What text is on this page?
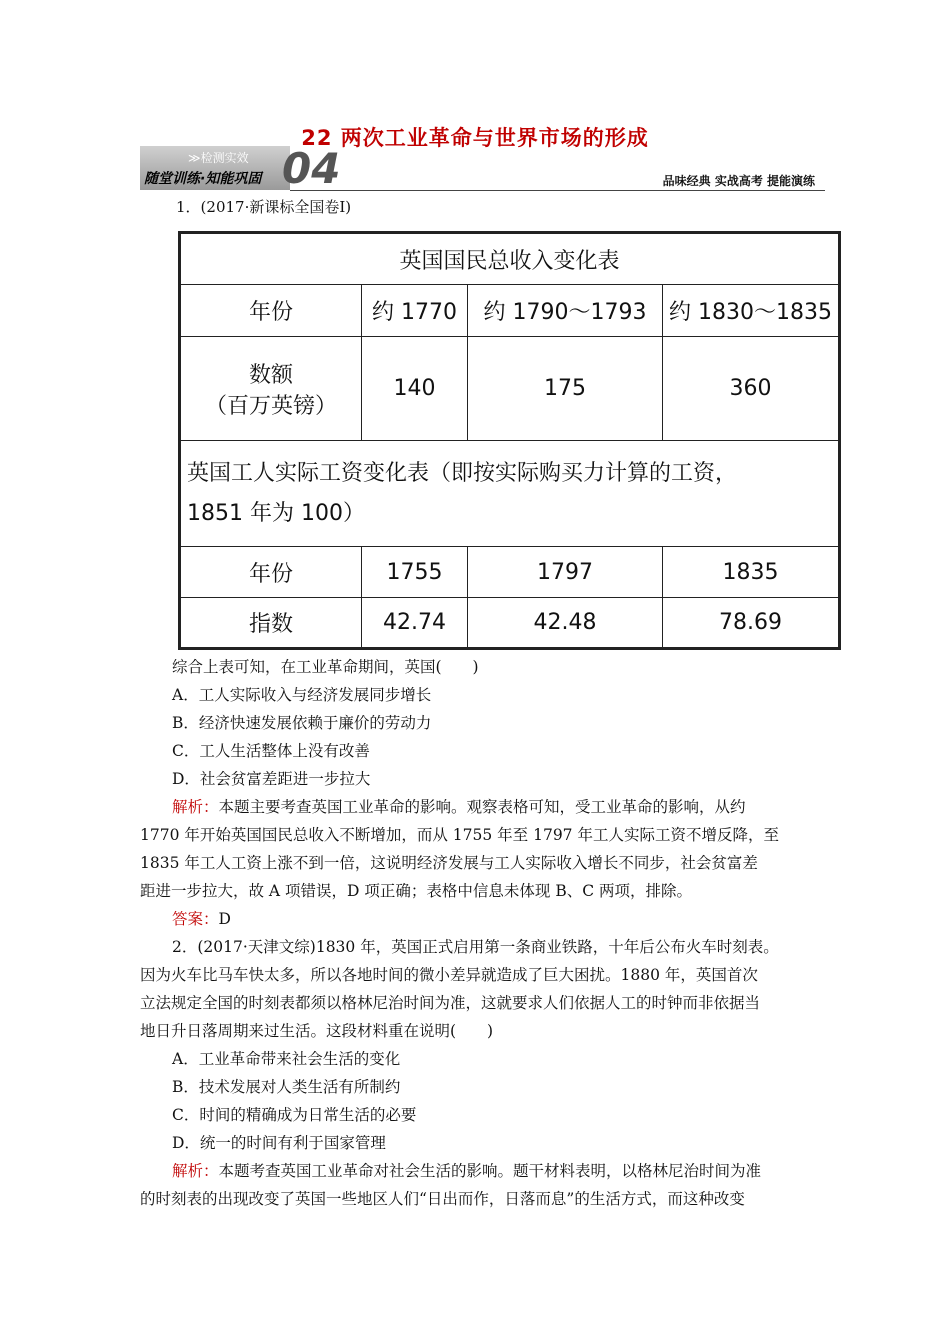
22 两次工业革命与世界市场的形成
≫检测实效
随堂训练·知能巩固 04	品味经典 实战高考 提能演练
1．(2017·新课标全国卷Ⅰ)
英国国民总收入变化表			
年份	约 1770	约 1790～1793	约 1830～1835

数额
（百万英镑）	140	175	360

英国工人实际工资变化表（即按实际购买力计算的工资，
1851 年为 100）			

年份	1755	1797	1835
指数	42.74	42.48	78.69
综合上表可知，在工业革命期间，英国(　　)
A．工人实际收入与经济发展同步增长
B．经济快速发展依赖于廉价的劳动力
C．工人生活整体上没有改善
D．社会贫富差距进一步拉大
解析：本题主要考查英国工业革命的影响。观察表格可知，受工业革命的影响，从约
1770 年开始英国国民总收入不断增加，而从 1755 年至 1797 年工人实际工资不增反降，至
1835 年工人工资上涨不到一倍，这说明经济发展与工人实际收入增长不同步，社会贫富差
距进一步拉大，故 A 项错误，D 项正确；表格中信息未体现 B、C 两项，排除。
答案：D
2．(2017·天津文综)1830 年，英国正式启用第一条商业铁路，十年后公布火车时刻表。
因为火车比马车快太多，所以各地时间的微小差异就造成了巨大困扰。1880 年，英国首次
立法规定全国的时刻表都须以格林尼治时间为准，这就要求人们依据人工的时钟而非依据当
地日升日落周期来过生活。这段材料重在说明(　　)
A．工业革命带来社会生活的变化
B．技术发展对人类生活有所制约
C．时间的精确成为日常生活的必要
D．统一的时间有利于国家管理
解析：本题考查英国工业革命对社会生活的影响。题干材料表明，以格林尼治时间为准
的时刻表的出现改变了英国一些地区人们“日出而作，日落而息”的生活方式，而这种改变
